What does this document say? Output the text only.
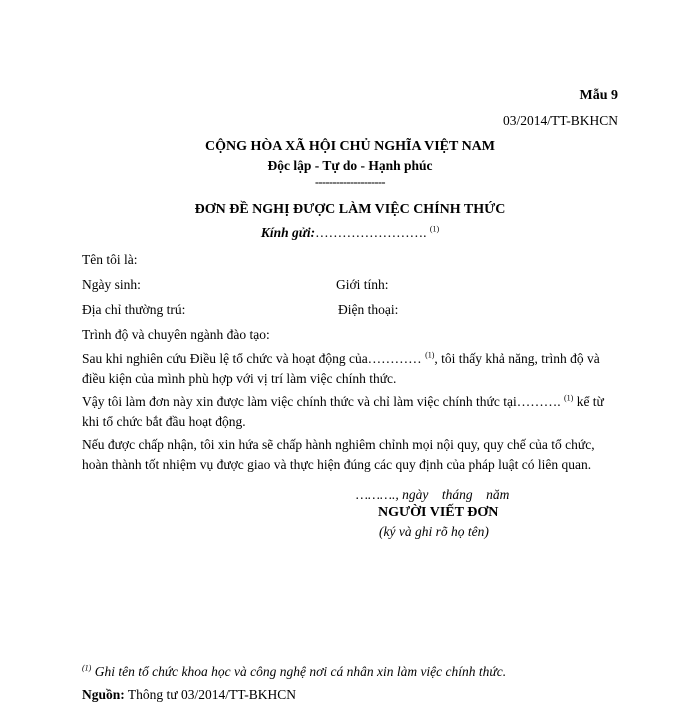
Mẫu 9
03/2014/TT-BKHCN
CỘNG HÒA XÃ HỘI CHỦ NGHĨA VIỆT NAM
Độc lập - Tự do - Hạnh phúc
--------------------
ĐƠN ĐỀ NGHỊ ĐƯỢC LÀM VIỆC CHÍNH THỨC
Kính gửi:……………………. $^{(1)}$
Tên tôi là:
Ngày sinh:	Giới tính:
Địa chỉ thường trú:	Điện thoại:
Trình độ và chuyên ngành đào tạo:
Sau khi nghiên cứu Điều lệ tổ chức và hoạt động của………… $^{(1)}$, tôi thấy khả năng, trình độ và
điều kiện của mình phù hợp với vị trí làm việc chính thức.
Vậy tôi làm đơn này xin được làm việc chính thức và chỉ làm việc chính thức tại………. $^{(1)}$ kể từ
khi tổ chức bắt đầu hoạt động.
Nếu được chấp nhận, tôi xin hứa sẽ chấp hành nghiêm chỉnh mọi nội quy, quy chế của tổ chức,
hoàn thành tốt nhiệm vụ được giao và thực hiện đúng các quy định của pháp luật có liên quan.
………., ngày    tháng    năm
NGƯỜI VIẾT ĐƠN
(ký và ghi rõ họ tên)
$^{(1)}$ Ghi tên tổ chức khoa học và công nghệ nơi cá nhân xin làm việc chính thức.
Nguồn: Thông tư 03/2014/TT-BKHCN
